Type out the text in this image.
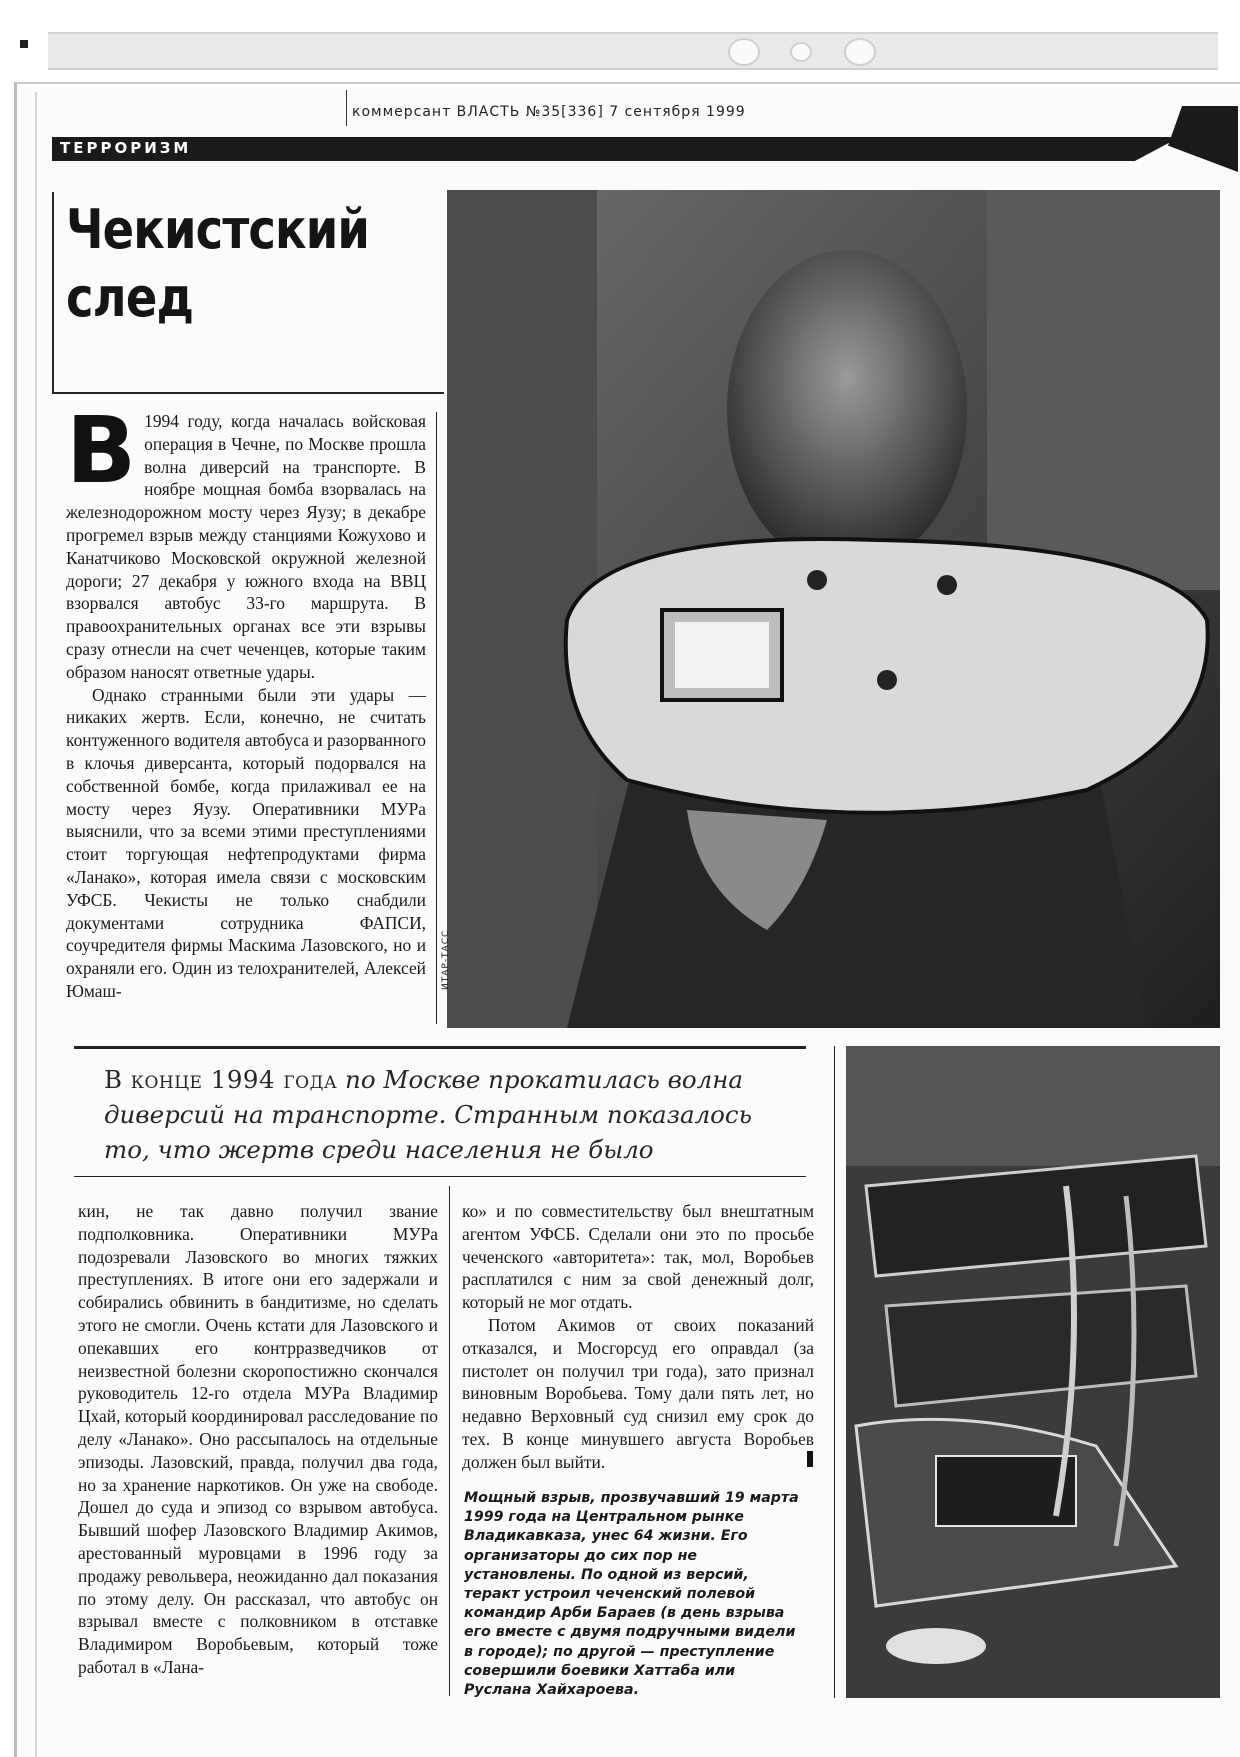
коммерсант ВЛАСТЬ №35[336] 7 сентября 1999
ТЕРРОРИЗМ
Чекистский
след
В 1994 году, когда началась войсковая операция в Чечне, по Москве прошла волна диверсий на транспорте. В ноябре мощная бомба взорвалась на железнодорожном мосту через Яузу; в декабре прогремел взрыв между станциями Кожухово и Канатчиково Московской окружной железной дороги; 27 декабря у южного входа на ВВЦ взорвался автобус 33-го маршрута. В правоохранительных органах все эти взрывы сразу отнесли на счет чеченцев, которые таким образом наносят ответные удары.

Однако странными были эти удары — никаких жертв. Если, конечно, не считать контуженного водителя автобуса и разорванного в клочья диверсанта, который подорвался на собственной бомбе, когда прилаживал ее на мосту через Яузу. Оперативники МУРа выяснили, что за всеми этими преступлениями стоит торгующая нефтепродуктами фирма «Ланако», которая имела связи с московским УФСБ. Чекисты не только снабдили документами сотрудника ФАПСИ, соучредителя фирмы Маскима Лазовского, но и охраняли его. Один из телохранителей, Алексей Юмаш-

ИТАР-ТАСС
В конце 1994 года по Москве прокатилась волна диверсий на транспорте. Странным показалось то, что жертв среди населения не было

кин, не так давно получил звание подполковника. Оперативники МУРа подозревали Лазовского во многих тяжких преступлениях. В итоге они его задержали и собирались обвинить в бандитизме, но сделать этого не смогли. Очень кстати для Лазовского и опекавших его контрразведчиков от неизвестной болезни скоропостижно скончался руководитель 12-го отдела МУРа Владимир Цхай, который координировал расследование по делу «Ланако». Оно рассыпалось на отдельные эпизоды. Лазовский, правда, получил два года, но за хранение наркотиков. Он уже на свободе. Дошел до суда и эпизод со взрывом автобуса. Бывший шофер Лазовского Владимир Акимов, арестованный муровцами в 1996 году за продажу револьвера, неожиданно дал показания по этому делу. Он рассказал, что автобус он взрывал вместе с полковником в отставке Владимиром Воробьевым, который тоже работал в «Лана-

ко» и по совместительству был внештатным агентом УФСБ. Сделали они это по просьбе чеченского «авторитета»: так, мол, Воробьев расплатился с ним за свой денежный долг, который не мог отдать.

Потом Акимов от своих показаний отказался, и Мосгорсуд его оправдал (за пистолет он получил три года), зато признал виновным Воробьева. Тому дали пять лет, но недавно Верховный суд снизил ему срок до тех. В конце минувшего августа Воробьев должен был выйти.

Мощный взрыв, прозвучавший 19 марта 1999 года на Центральном рынке Владикавказа, унес 64 жизни. Его организаторы до сих пор не установлены. По одной из версий, теракт устроил чеченский полевой командир Арби Бараев (в день взрыва его вместе с двумя подручными видели в городе); по другой — преступление совершили боевики Хаттаба или Руслана Хайхароева.
